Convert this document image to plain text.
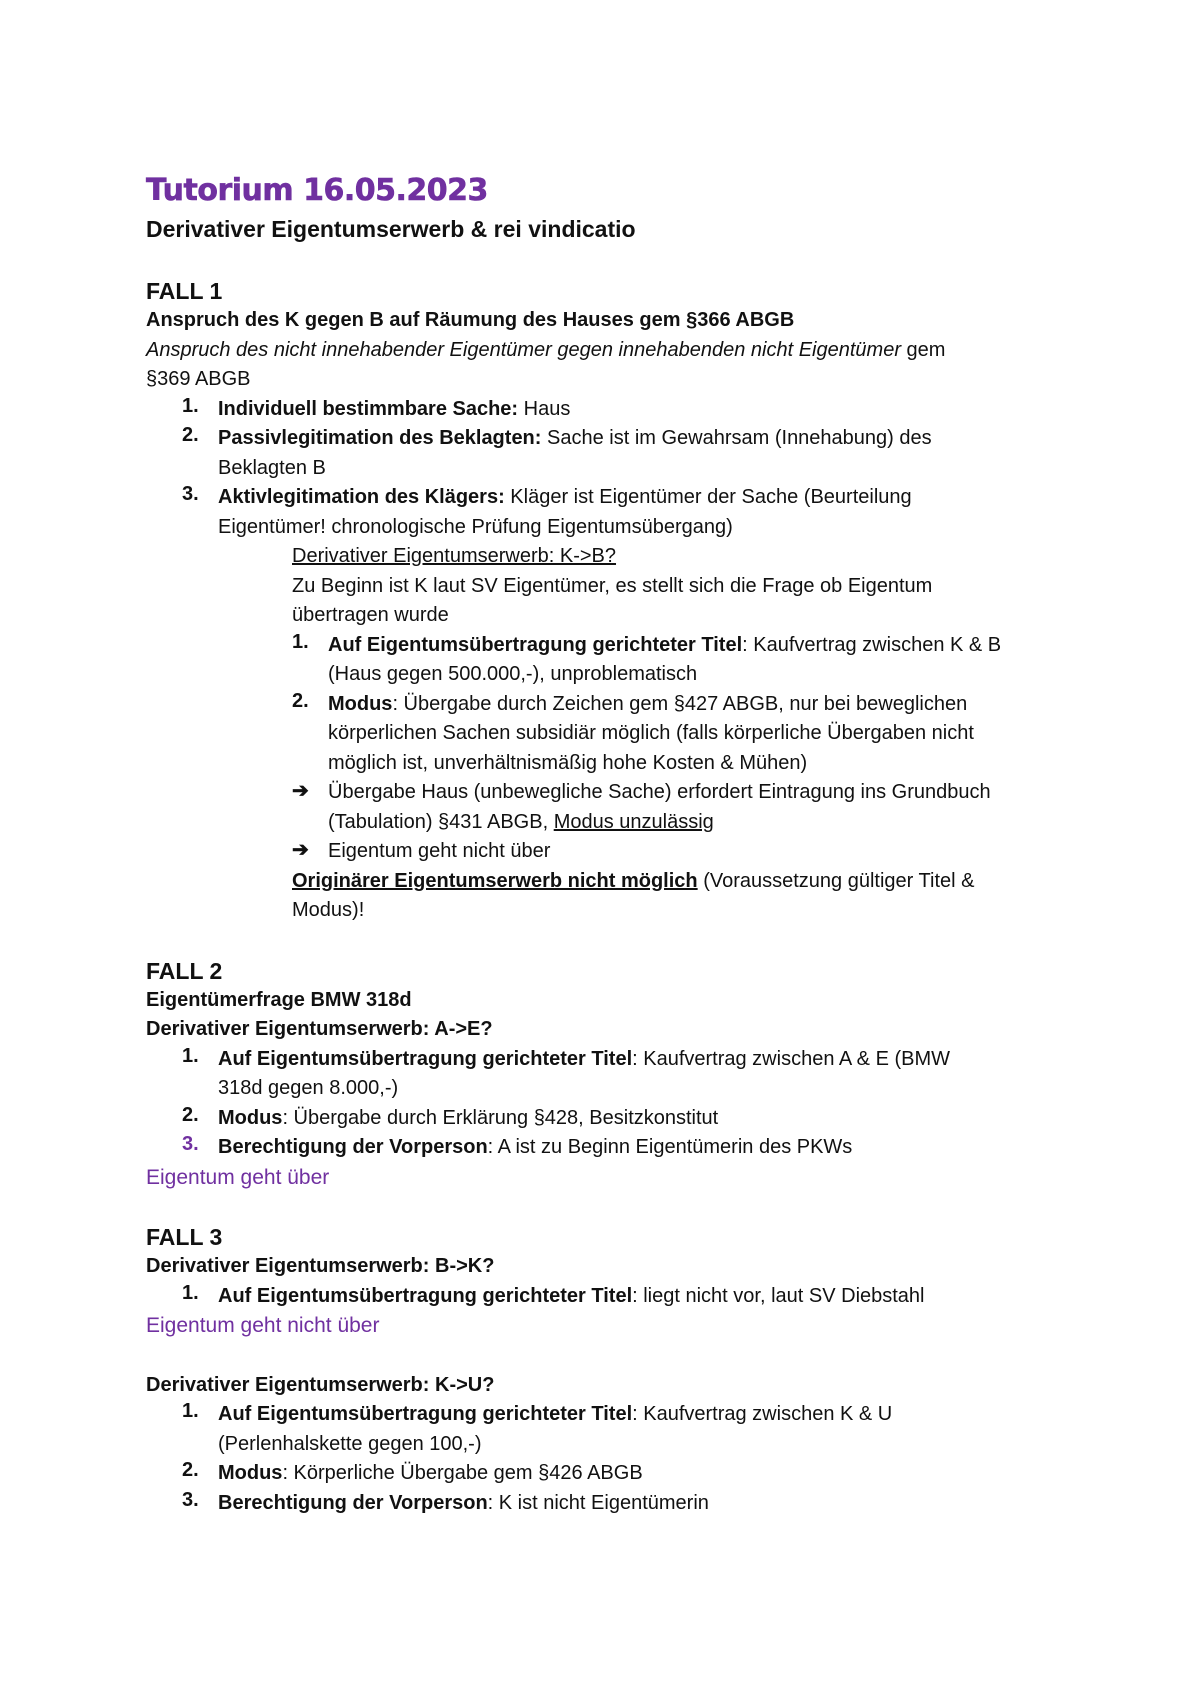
Tutorium 16.05.2023
Derivativer Eigentumserwerb & rei vindicatio
FALL 1
Anspruch des K gegen B auf Räumung des Hauses gem §366 ABGB
Anspruch des nicht innehabender Eigentümer gegen innehabenden nicht Eigentümer gem
§369 ABGB
1. Individuell bestimmbare Sache: Haus
2. Passivlegitimation des Beklagten: Sache ist im Gewahrsam (Innehabung) des
Beklagten B
3. Aktivlegitimation des Klägers: Kläger ist Eigentümer der Sache (Beurteilung
Eigentümer! chronologische Prüfung Eigentumsübergang)
Derivativer Eigentumserwerb: K->B?
Zu Beginn ist K laut SV Eigentümer, es stellt sich die Frage ob Eigentum
übertragen wurde
1. Auf Eigentumsübertragung gerichteter Titel: Kaufvertrag zwischen K & B
(Haus gegen 500.000,-), unproblematisch
2. Modus: Übergabe durch Zeichen gem §427 ABGB, nur bei beweglichen
körperlichen Sachen subsidiär möglich (falls körperliche Übergaben nicht
möglich ist, unverhältnismäßig hohe Kosten & Mühen)
➔ Übergabe Haus (unbewegliche Sache) erfordert Eintragung ins Grundbuch
(Tabulation) §431 ABGB, Modus unzulässig
➔ Eigentum geht nicht über
Originärer Eigentumserwerb nicht möglich (Voraussetzung gültiger Titel &
Modus)!
FALL 2
Eigentümerfrage BMW 318d
Derivativer Eigentumserwerb: A->E?
1. Auf Eigentumsübertragung gerichteter Titel: Kaufvertrag zwischen A & E (BMW
318d gegen 8.000,-)
2. Modus: Übergabe durch Erklärung §428, Besitzkonstitut
3. Berechtigung der Vorperson: A ist zu Beginn Eigentümerin des PKWs
Eigentum geht über
FALL 3
Derivativer Eigentumserwerb: B->K?
1. Auf Eigentumsübertragung gerichteter Titel: liegt nicht vor, laut SV Diebstahl
Eigentum geht nicht über
Derivativer Eigentumserwerb: K->U?
1. Auf Eigentumsübertragung gerichteter Titel: Kaufvertrag zwischen K & U
(Perlenhalskette gegen 100,-)
2. Modus: Körperliche Übergabe gem §426 ABGB
3. Berechtigung der Vorperson: K ist nicht Eigentümerin
